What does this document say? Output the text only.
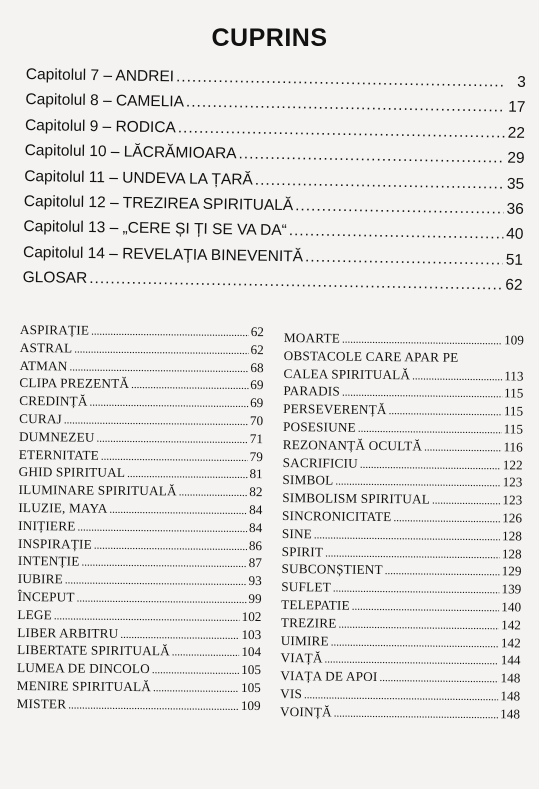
CUPRINS
Capitolul 7 – ANDREI .....	3
Capitolul 8 – CAMELIA .....	17
Capitolul 9 – RODICA .....	22
Capitolul 10 – LĂCRĂMIOARA .....	29
Capitolul 11 – UNDEVA LA ȚARĂ .....	35
Capitolul 12 – TREZIREA SPIRITUALĂ .....	36
Capitolul 13 – „CERE ȘI ȚI SE VA DA“ .....	40
Capitolul 14 – REVELAȚIA BINEVENITĂ .....	51
GLOSAR .....	62
ASPIRAȚIE .....	62
ASTRAL .....	62
ATMAN .....	68
CLIPA PREZENTĂ .....	69
CREDINȚĂ .....	69
CURAJ .....	70
DUMNEZEU .....	71
ETERNITATE .....	79
GHID SPIRITUAL .....	81
ILUMINARE SPIRITUALĂ .....	82
ILUZIE, MAYA .....	84
INIȚIERE .....	84
INSPIRAȚIE .....	86
INTENȚIE .....	87
IUBIRE .....	93
ÎNCEPUT .....	99
LEGE .....	102
LIBER ARBITRU .....	103
LIBERTATE SPIRITUALĂ .....	104
LUMEA DE DINCOLO .....	105
MENIRE SPIRITUALĂ .....	105
MISTER .....	109
MOARTE .....	109
OBSTACOLE CARE APAR PE
CALEA SPIRITUALĂ .....	113
PARADIS .....	115
PERSEVERENȚĂ .....	115
POSESIUNE .....	115
REZONANȚĂ OCULTĂ .....	116
SACRIFICIU .....	122
SIMBOL .....	123
SIMBOLISM SPIRITUAL .....	123
SINCRONICITATE .....	126
SINE .....	128
SPIRIT .....	128
SUBCONȘTIENT .....	129
SUFLET .....	139
TELEPATIE .....	140
TREZIRE .....	142
UIMIRE .....	142
VIAȚĂ .....	144
VIAȚA DE APOI .....	148
VIS .....	148
VOINȚĂ .....	148
